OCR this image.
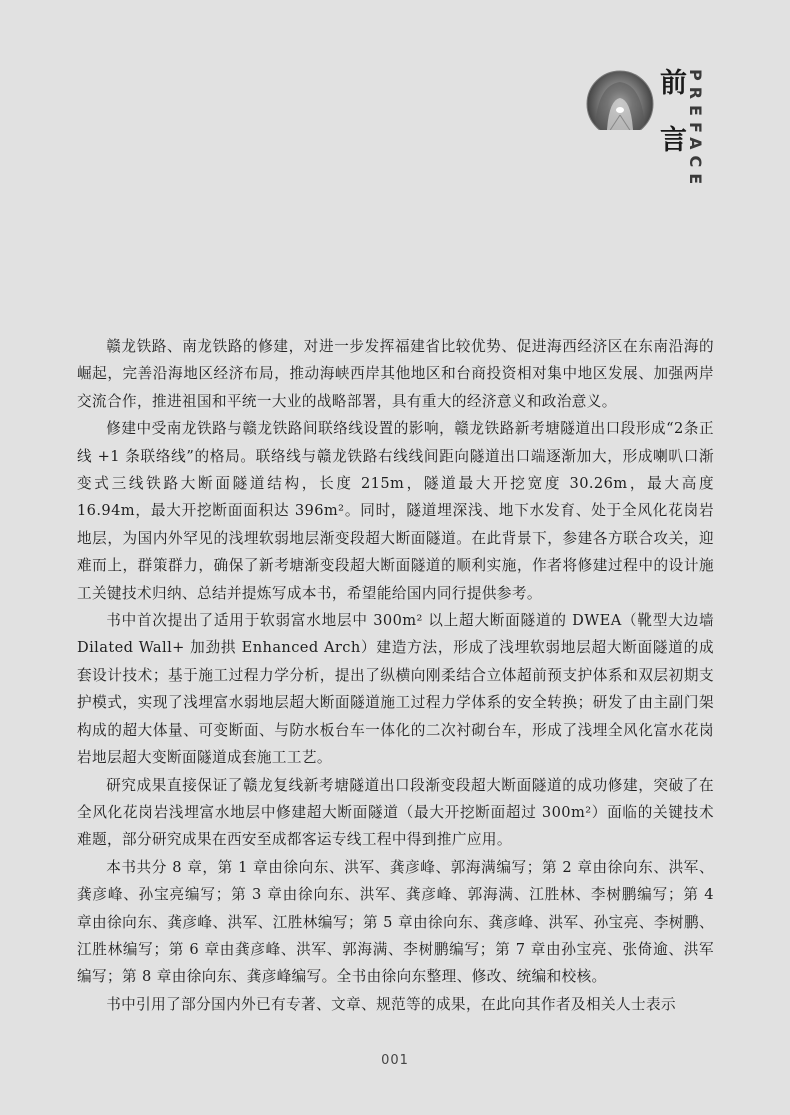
前
言 PREFACE

赣龙铁路、南龙铁路的修建，对进一步发挥福建省比较优势、促进海西经济区在东南沿海的崛起，完善沿海地区经济布局，推动海峡西岸其他地区和台商投资相对集中地区发展、加强两岸交流合作，推进祖国和平统一大业的战略部署，具有重大的经济意义和政治意义。

修建中受南龙铁路与赣龙铁路间联络线设置的影响，赣龙铁路新考塘隧道出口段形成“2条正线 +1 条联络线”的格局。联络线与赣龙铁路右线线间距向隧道出口端逐渐加大，形成喇叭口渐变式三线铁路大断面隧道结构，长度 215m，隧道最大开挖宽度 30.26m，最大高度 16.94m，最大开挖断面面积达 396m²。同时，隧道埋深浅、地下水发育、处于全风化花岗岩地层，为国内外罕见的浅埋软弱地层渐变段超大断面隧道。在此背景下，参建各方联合攻关，迎难而上，群策群力，确保了新考塘渐变段超大断面隧道的顺利实施，作者将修建过程中的设计施工关键技术归纳、总结并提炼写成本书，希望能给国内同行提供参考。

书中首次提出了适用于软弱富水地层中 300m² 以上超大断面隧道的 DWEA（靴型大边墙 Dilated Wall+ 加劲拱 Enhanced Arch）建造方法，形成了浅埋软弱地层超大断面隧道的成套设计技术；基于施工过程力学分析，提出了纵横向刚柔结合立体超前预支护体系和双层初期支护模式，实现了浅埋富水弱地层超大断面隧道施工过程力学体系的安全转换；研发了由主副门架构成的超大体量、可变断面、与防水板台车一体化的二次衬砌台车，形成了浅埋全风化富水花岗岩地层超大变断面隧道成套施工工艺。

研究成果直接保证了赣龙复线新考塘隧道出口段渐变段超大断面隧道的成功修建，突破了在全风化花岗岩浅埋富水地层中修建超大断面隧道（最大开挖断面超过 300m²）面临的关键技术难题，部分研究成果在西安至成都客运专线工程中得到推广应用。

本书共分 8 章，第 1 章由徐向东、洪军、龚彦峰、郭海满编写；第 2 章由徐向东、洪军、龚彦峰、孙宝亮编写；第 3 章由徐向东、洪军、龚彦峰、郭海满、江胜林、李树鹏编写；第 4 章由徐向东、龚彦峰、洪军、江胜林编写；第 5 章由徐向东、龚彦峰、洪军、孙宝亮、李树鹏、江胜林编写；第 6 章由龚彦峰、洪军、郭海满、李树鹏编写；第 7 章由孙宝亮、张倚逾、洪军编写；第 8 章由徐向东、龚彦峰编写。全书由徐向东整理、修改、统编和校核。

书中引用了部分国内外已有专著、文章、规范等的成果，在此向其作者及相关人士表示

001
